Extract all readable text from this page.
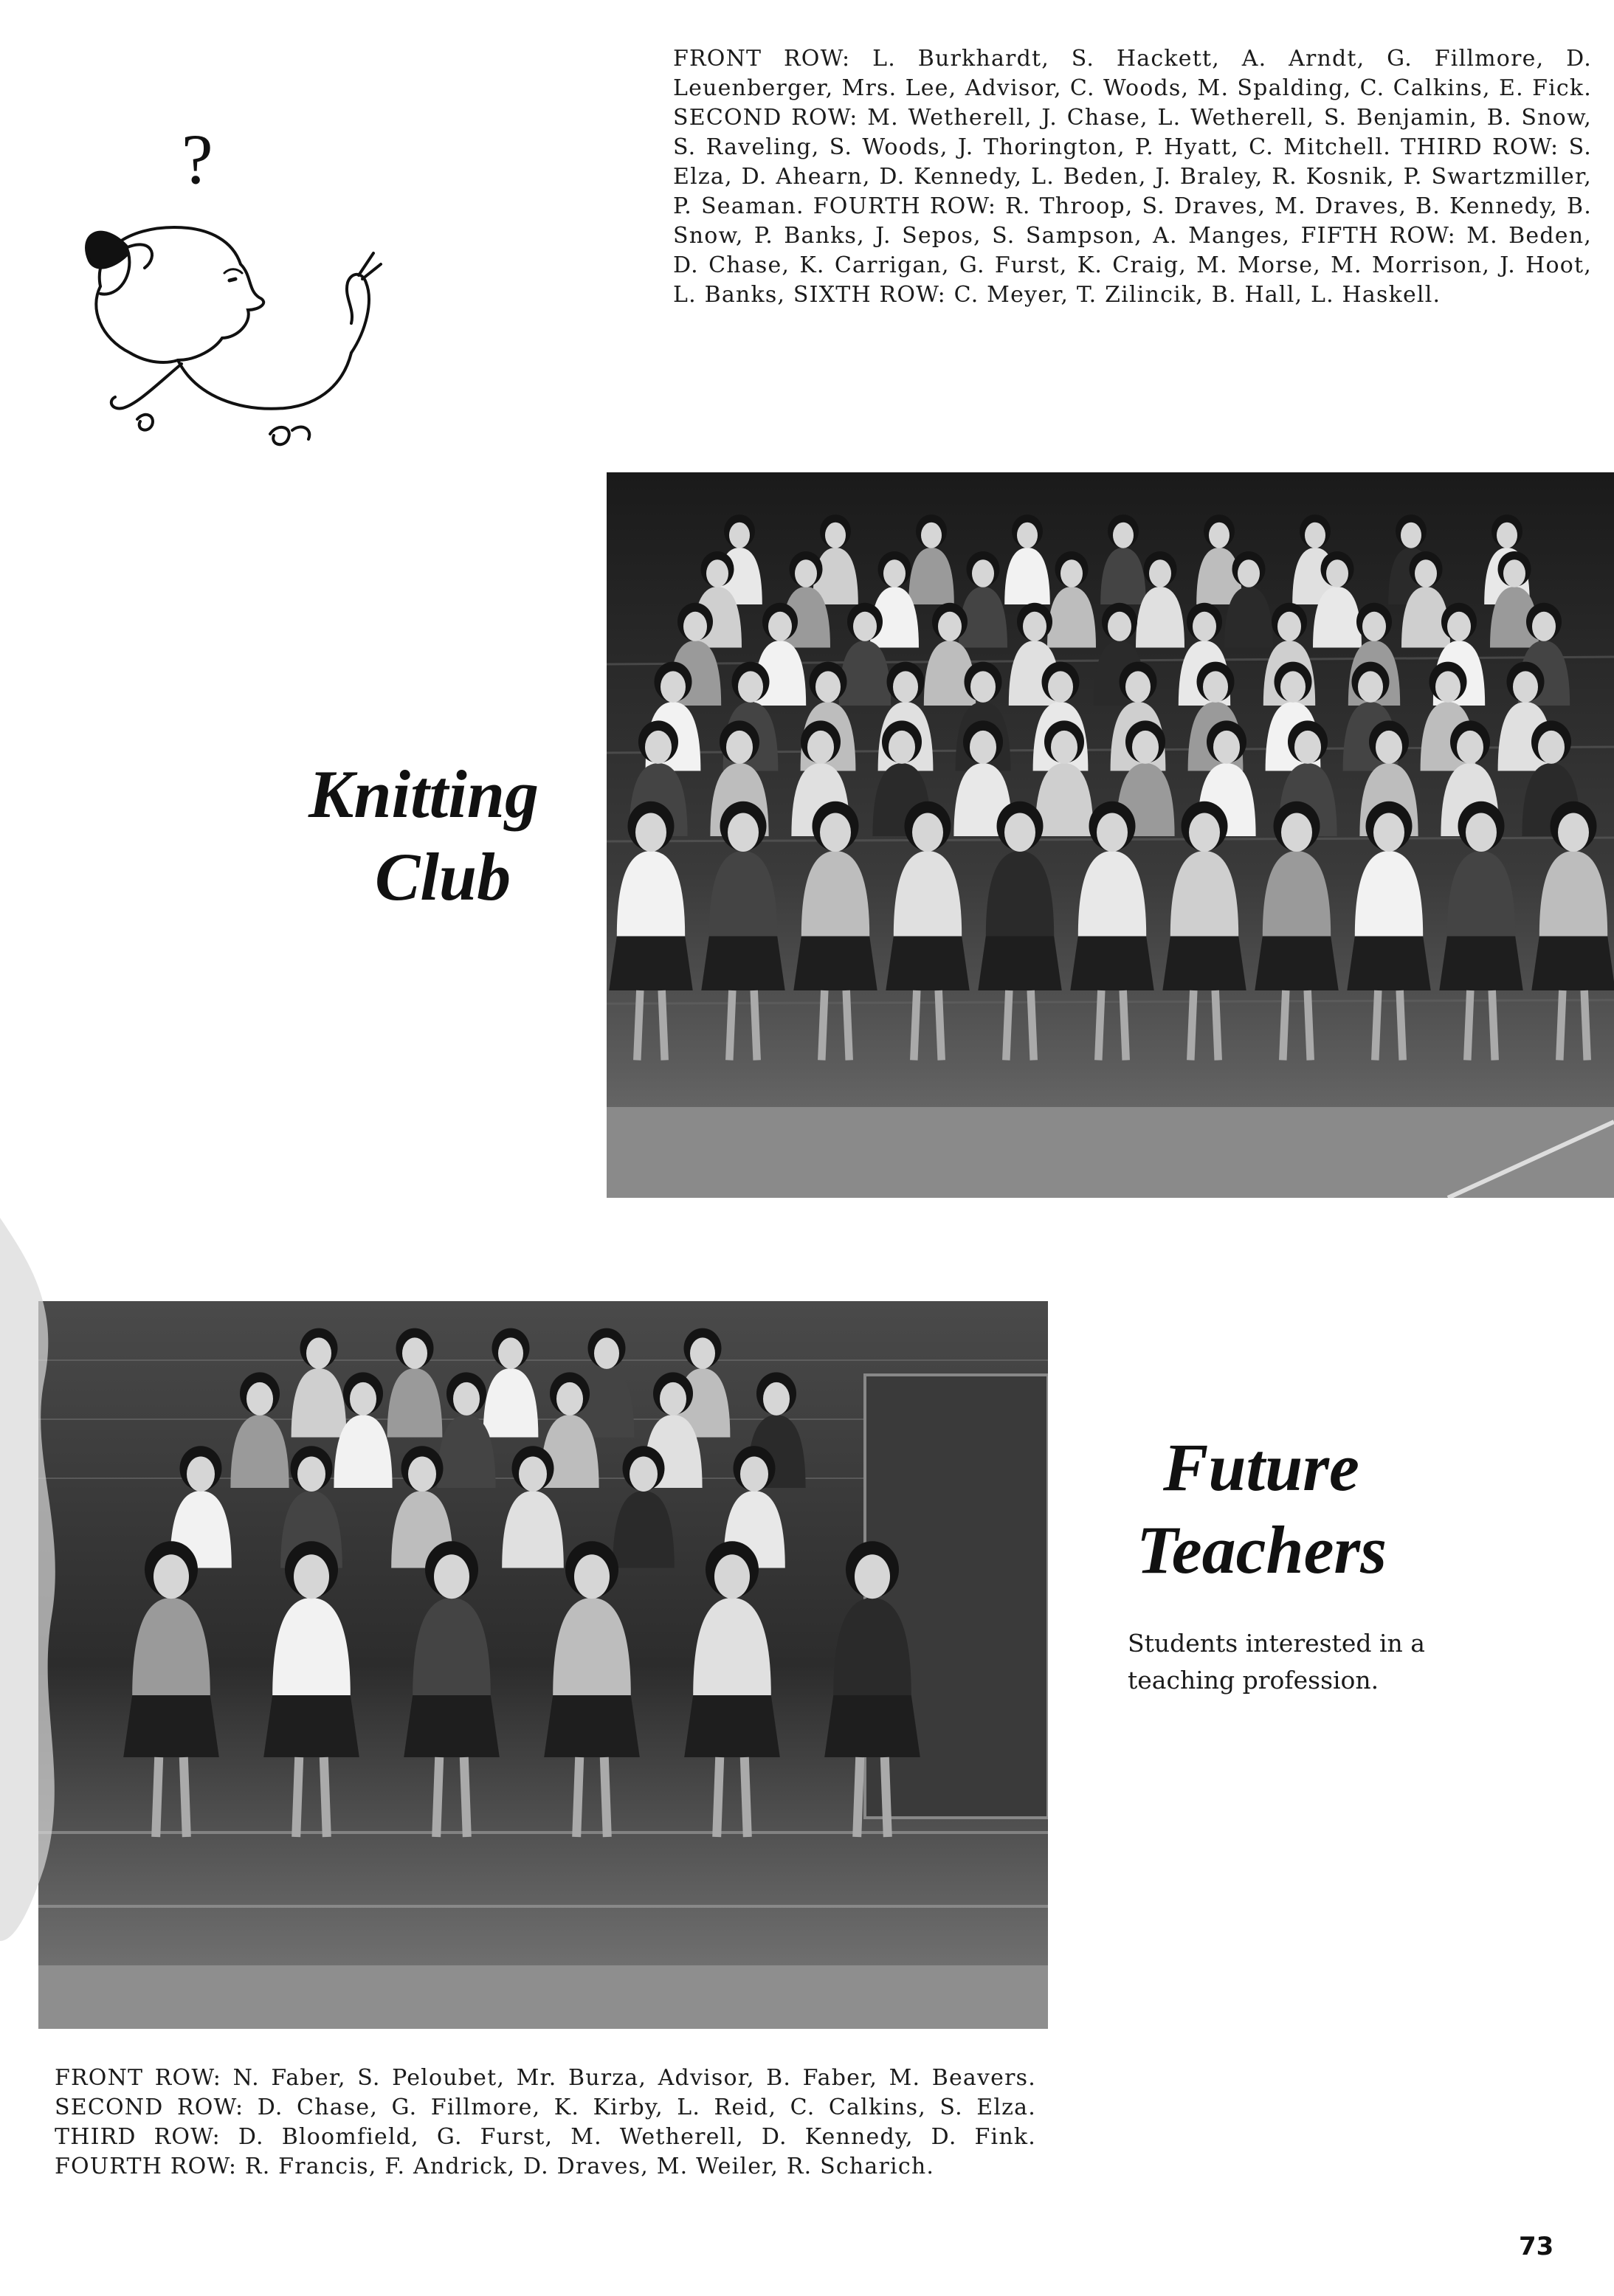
?

FRONT ROW: L. Burkhardt, S. Hackett, A. Arndt, G. Fillmore, D. Leuenberger, Mrs. Lee, Advisor, C. Woods, M. Spalding, C. Calkins, E. Fick. SECOND ROW: M. Wetherell, J. Chase, L. Wetherell, S. Benjamin, B. Snow, S. Raveling, S. Woods, J. Thorington, P. Hyatt, C. Mitchell. THIRD ROW: S. Elza, D. Ahearn, D. Kennedy, L. Beden, J. Braley, R. Kosnik, P. Swartzmiller, P. Seaman. FOURTH ROW: R. Throop, S. Draves, M. Draves, B. Kennedy, B. Snow, P. Banks, J. Sepos, S. Sampson, A. Manges, FIFTH ROW: M. Beden, D. Chase, K. Carrigan, G. Furst, K. Craig, M. Morse, M. Morrison, J. Hoot, L. Banks, SIXTH ROW: C. Meyer, T. Zilincik, B. Hall, L. Haskell.

Knitting
Club
Future
Teachers

Students interested in a teaching profession.

FRONT ROW: N. Faber, S. Peloubet, Mr. Burza, Advisor, B. Faber, M. Beavers. SECOND ROW: D. Chase, G. Fillmore, K. Kirby, L. Reid, C. Calkins, S. Elza. THIRD ROW: D. Bloomfield, G. Furst, M. Wetherell, D. Kennedy, D. Fink. FOURTH ROW: R. Francis, F. Andrick, D. Draves, M. Weiler, R. Scharich.

73
